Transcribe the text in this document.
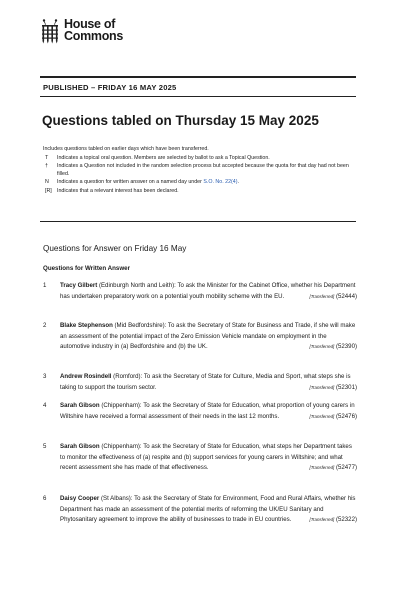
House of
Commons
PUBLISHED – FRIDAY 16 MAY 2025
Questions tabled on Thursday 15 May 2025
Includes questions tabled on earlier days which have been transferred.
T	Indicates a topical oral question. Members are selected by ballot to ask a Topical Question.
†	Indicates a Question not included in the random selection process but accepted because the quota for that day had not been filled.
N	Indicates a question for written answer on a named day under S.O. No. 22(4).
[R] Indicates that a relevant interest has been declared.
Questions for Answer on Friday 16 May
Questions for Written Answer
1 Tracy Gilbert (Edinburgh North and Leith): To ask the Minister for the Cabinet Office, whether his Department has undertaken preparatory work on a potential youth mobility scheme with the EU.	[Transferred] (52444)
2 Blake Stephenson (Mid Bedfordshire): To ask the Secretary of State for Business and Trade, if she will make an assessment of the potential impact of the Zero Emission Vehicle mandate on employment in the automotive industry in (a) Bedfordshire and (b) the UK.	[Transferred] (52390)
3 Andrew Rosindell (Romford): To ask the Secretary of State for Culture, Media and Sport, what steps she is taking to support the tourism sector.	[Transferred] (52301)
4 Sarah Gibson (Chippenham): To ask the Secretary of State for Education, what proportion of young carers in Wiltshire have received a formal assessment of their needs in the last 12 months.	[Transferred] (52476)
5 Sarah Gibson (Chippenham): To ask the Secretary of State for Education, what steps her Department takes to monitor the effectiveness of (a) respite and (b) support services for young carers in Wiltshire; and what recent assessment she has made of that effectiveness.	[Transferred] (52477)
6 Daisy Cooper (St Albans): To ask the Secretary of State for Environment, Food and Rural Affairs, whether his Department has made an assessment of the potential merits of reforming the UK/EU Sanitary and Phytosanitary agreement to improve the ability of businesses to trade in EU countries.	[Transferred] (52322)
